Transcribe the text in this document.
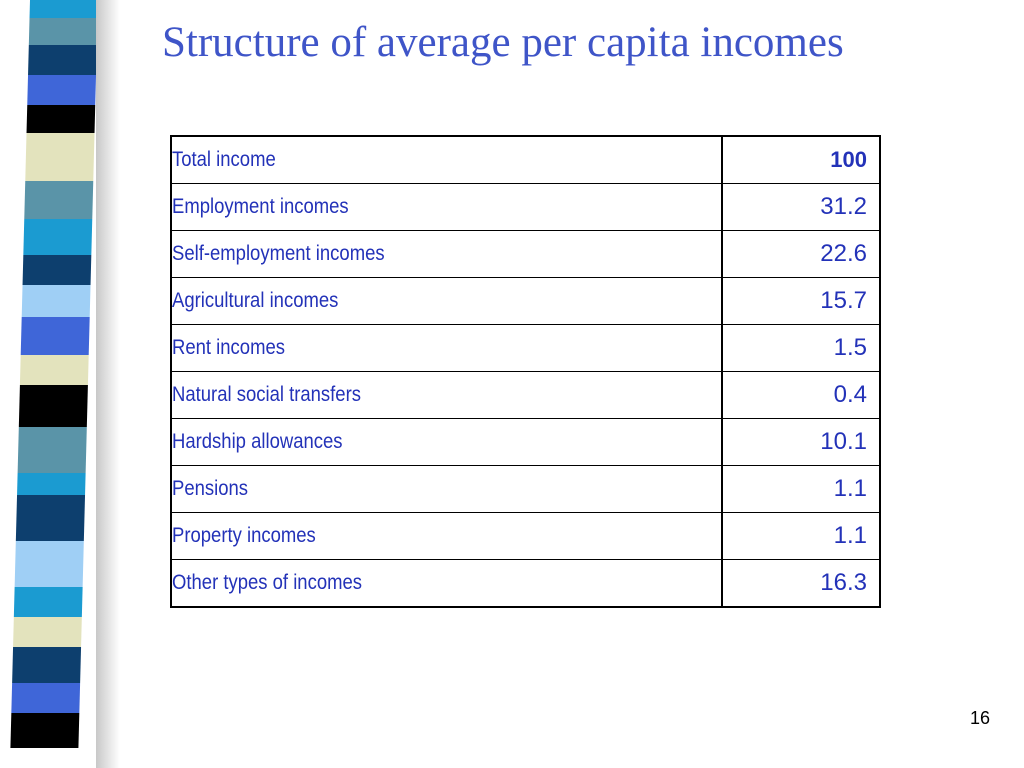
Structure of average per capita incomes
Total income	100
Employment incomes	31.2
Self-employment incomes	22.6
Agricultural incomes	15.7
Rent incomes	1.5
Natural social transfers	0.4
Hardship allowances	10.1
Pensions	1.1
Property incomes	1.1
Other types of incomes	16.3
16
